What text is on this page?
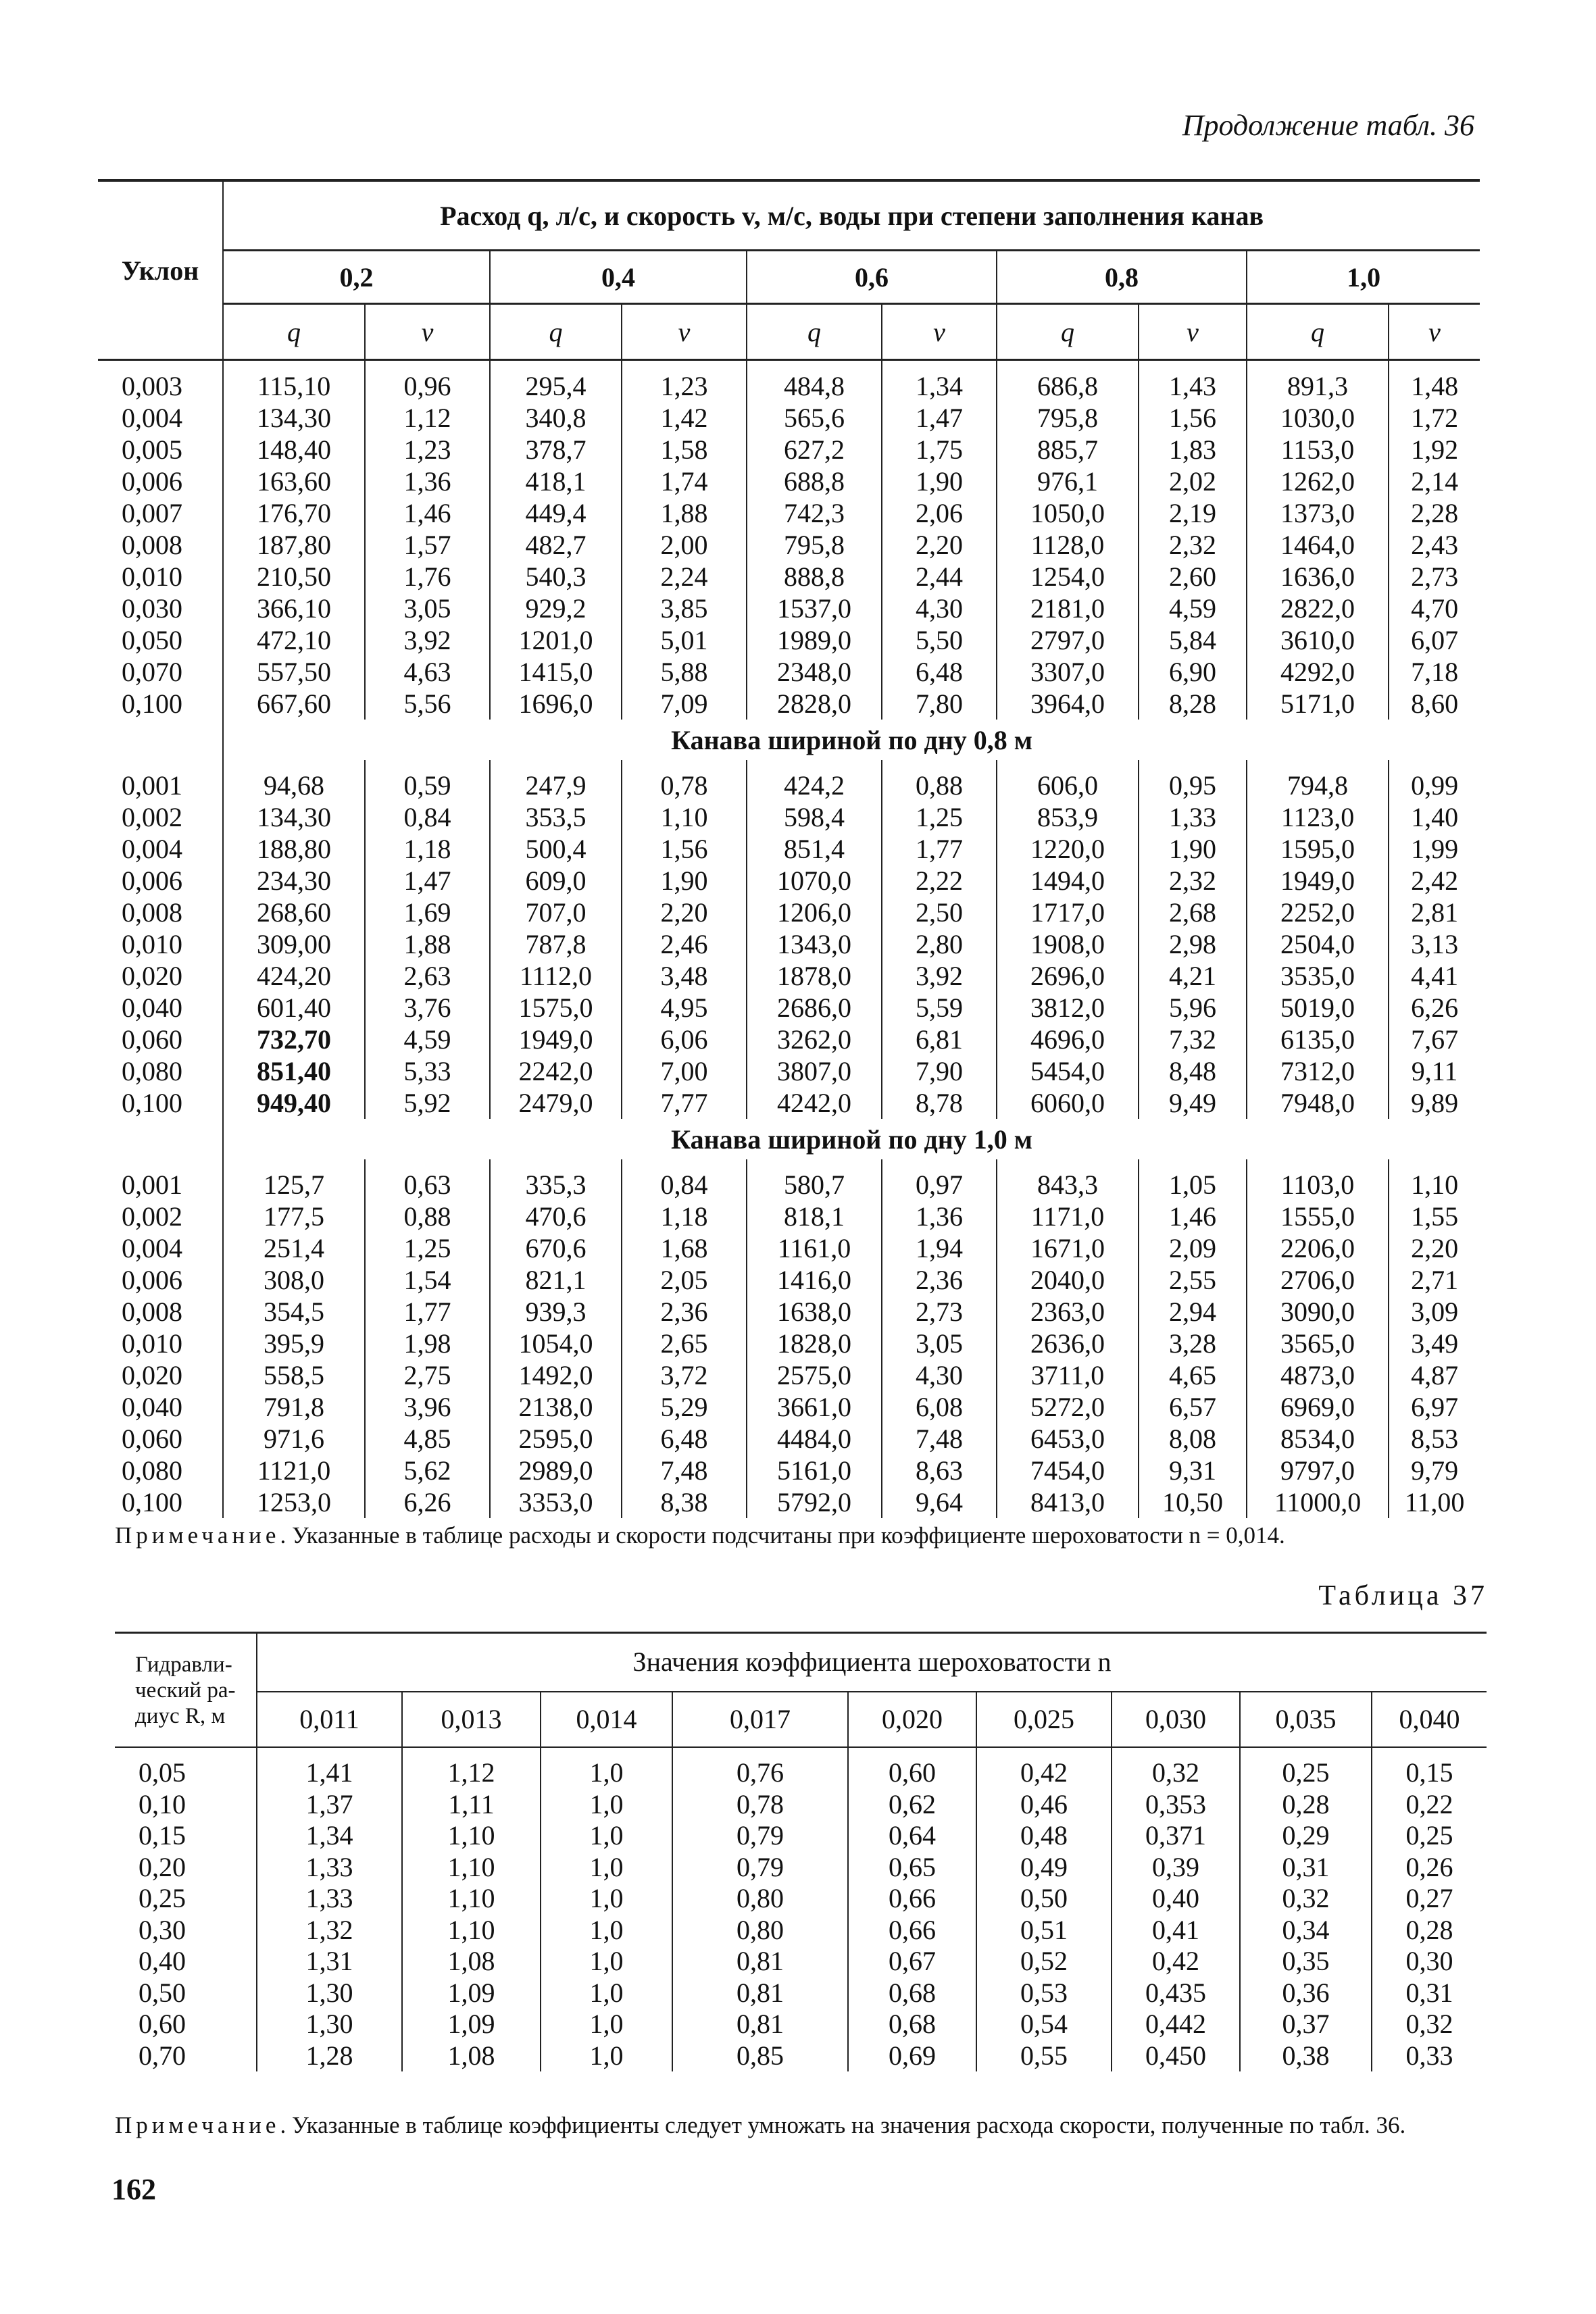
Продолжение табл. 36
Уклон	Расход q, л/с, и скорость v, м/с, воды при степени заполнения канав									
	0,2		0,4		0,6		0,8		1,0	
	q	v	q	v	q	v	q	v	q	v
0,003	115,10	0,96	295,4	1,23	484,8	1,34	686,8	1,43	891,3	1,48
0,004	134,30	1,12	340,8	1,42	565,6	1,47	795,8	1,56	1030,0	1,72
0,005	148,40	1,23	378,7	1,58	627,2	1,75	885,7	1,83	1153,0	1,92
0,006	163,60	1,36	418,1	1,74	688,8	1,90	976,1	2,02	1262,0	2,14
0,007	176,70	1,46	449,4	1,88	742,3	2,06	1050,0	2,19	1373,0	2,28
0,008	187,80	1,57	482,7	2,00	795,8	2,20	1128,0	2,32	1464,0	2,43
0,010	210,50	1,76	540,3	2,24	888,8	2,44	1254,0	2,60	1636,0	2,73
0,030	366,10	3,05	929,2	3,85	1537,0	4,30	2181,0	4,59	2822,0	4,70
0,050	472,10	3,92	1201,0	5,01	1989,0	5,50	2797,0	5,84	3610,0	6,07
0,070	557,50	4,63	1415,0	5,88	2348,0	6,48	3307,0	6,90	4292,0	7,18
0,100	667,60	5,56	1696,0	7,09	2828,0	7,80	3964,0	8,28	5171,0	8,60
	Канава шириной по дну 0,8 м									
0,001	94,68	0,59	247,9	0,78	424,2	0,88	606,0	0,95	794,8	0,99
0,002	134,30	0,84	353,5	1,10	598,4	1,25	853,9	1,33	1123,0	1,40
0,004	188,80	1,18	500,4	1,56	851,4	1,77	1220,0	1,90	1595,0	1,99
0,006	234,30	1,47	609,0	1,90	1070,0	2,22	1494,0	2,32	1949,0	2,42
0,008	268,60	1,69	707,0	2,20	1206,0	2,50	1717,0	2,68	2252,0	2,81
0,010	309,00	1,88	787,8	2,46	1343,0	2,80	1908,0	2,98	2504,0	3,13
0,020	424,20	2,63	1112,0	3,48	1878,0	3,92	2696,0	4,21	3535,0	4,41
0,040	601,40	3,76	1575,0	4,95	2686,0	5,59	3812,0	5,96	5019,0	6,26
0,060	732,70	4,59	1949,0	6,06	3262,0	6,81	4696,0	7,32	6135,0	7,67
0,080	851,40	5,33	2242,0	7,00	3807,0	7,90	5454,0	8,48	7312,0	9,11
0,100	949,40	5,92	2479,0	7,77	4242,0	8,78	6060,0	9,49	7948,0	9,89
	Канава шириной по дну 1,0 м									
0,001	125,7	0,63	335,3	0,84	580,7	0,97	843,3	1,05	1103,0	1,10
0,002	177,5	0,88	470,6	1,18	818,1	1,36	1171,0	1,46	1555,0	1,55
0,004	251,4	1,25	670,6	1,68	1161,0	1,94	1671,0	2,09	2206,0	2,20
0,006	308,0	1,54	821,1	2,05	1416,0	2,36	2040,0	2,55	2706,0	2,71
0,008	354,5	1,77	939,3	2,36	1638,0	2,73	2363,0	2,94	3090,0	3,09
0,010	395,9	1,98	1054,0	2,65	1828,0	3,05	2636,0	3,28	3565,0	3,49
0,020	558,5	2,75	1492,0	3,72	2575,0	4,30	3711,0	4,65	4873,0	4,87
0,040	791,8	3,96	2138,0	5,29	3661,0	6,08	5272,0	6,57	6969,0	6,97
0,060	971,6	4,85	2595,0	6,48	4484,0	7,48	6453,0	8,08	8534,0	8,53
0,080	1121,0	5,62	2989,0	7,48	5161,0	8,63	7454,0	9,31	9797,0	9,79
0,100	1253,0	6,26	3353,0	8,38	5792,0	9,64	8413,0	10,50	11000,0	11,00
Примечание. Указанные в таблице расходы и скорости подсчитаны при коэффициенте шероховатости n = 0,014.
Таблица 37
Гидравли-ческий ра-диус R, м	Значения коэффициента шероховатости n								
	0,011	0,013	0,014	0,017	0,020	0,025	0,030	0,035	0,040
0,05	1,41	1,12	1,0	0,76	0,60	0,42	0,32	0,25	0,15
0,10	1,37	1,11	1,0	0,78	0,62	0,46	0,353	0,28	0,22
0,15	1,34	1,10	1,0	0,79	0,64	0,48	0,371	0,29	0,25
0,20	1,33	1,10	1,0	0,79	0,65	0,49	0,39	0,31	0,26
0,25	1,33	1,10	1,0	0,80	0,66	0,50	0,40	0,32	0,27
0,30	1,32	1,10	1,0	0,80	0,66	0,51	0,41	0,34	0,28
0,40	1,31	1,08	1,0	0,81	0,67	0,52	0,42	0,35	0,30
0,50	1,30	1,09	1,0	0,81	0,68	0,53	0,435	0,36	0,31
0,60	1,30	1,09	1,0	0,81	0,68	0,54	0,442	0,37	0,32
0,70	1,28	1,08	1,0	0,85	0,69	0,55	0,450	0,38	0,33
Примечание. Указанные в таблице коэффициенты следует умножать на значения расхода скорости, полученные по табл. 36.
162
